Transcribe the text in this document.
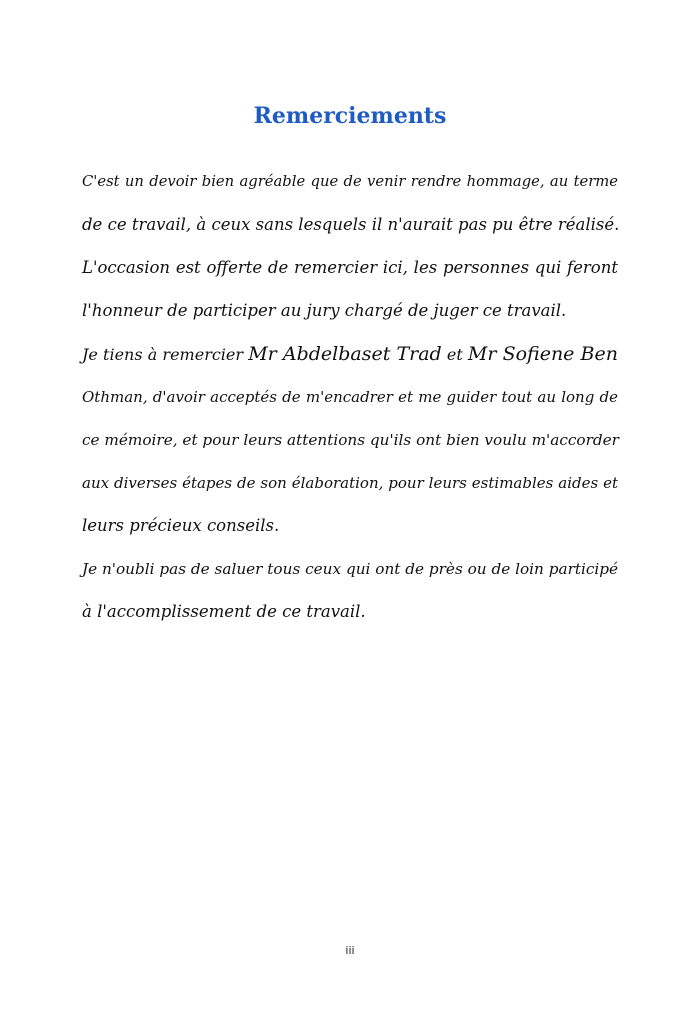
Remerciements
C'est un devoir bien agréable que de venir rendre hommage, au terme
de ce travail, à ceux sans lesquels il n'aurait pas pu être réalisé.
L'occasion est offerte de remercier ici, les personnes qui feront
l'honneur de participer au jury chargé de juger ce travail.
Je tiens à remercier Mr Abdelbaset Trad et Mr Sofiene Ben
Othman, d'avoir acceptés de m'encadrer et me guider tout au long de
ce mémoire, et pour leurs attentions qu'ils ont bien voulu m'accorder
aux diverses étapes de son élaboration, pour leurs estimables aides et
leurs précieux conseils.
Je n'oubli pas de saluer tous ceux qui ont de près ou de loin participé
à l'accomplissement de ce travail.
iii
